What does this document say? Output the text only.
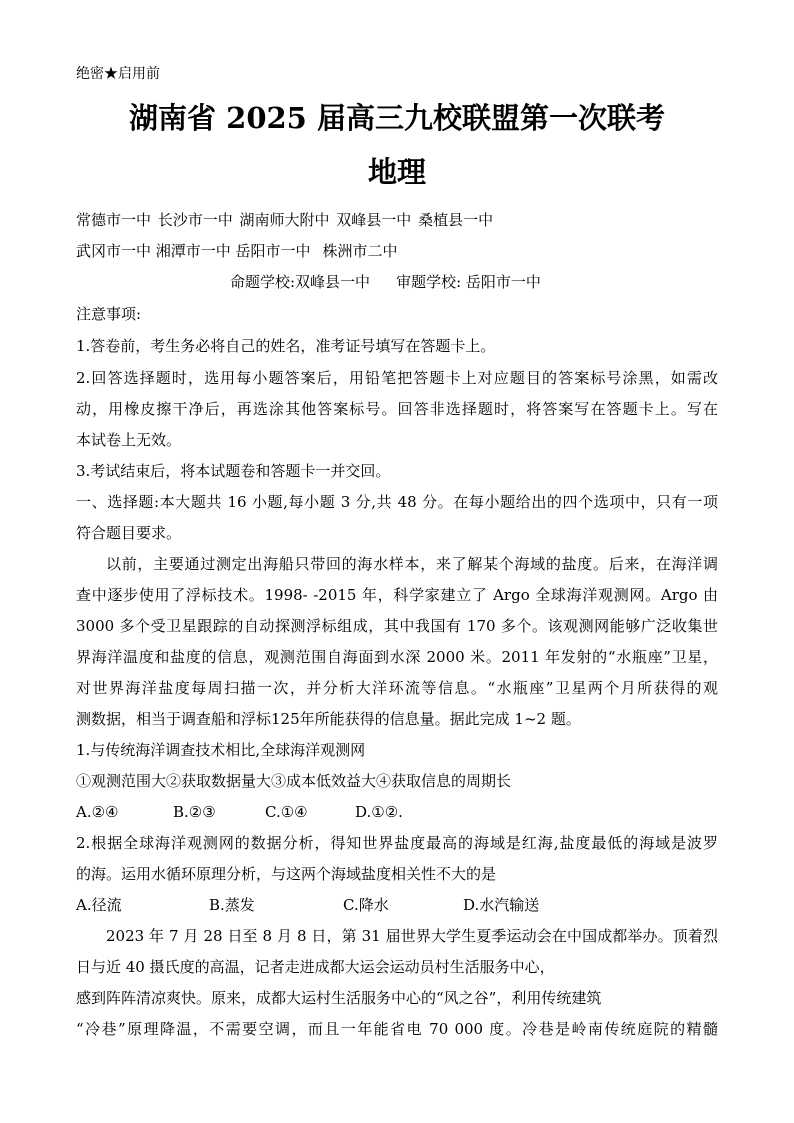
绝密★启用前
湖南省 2025 届高三九校联盟第一次联考
地理
常德市一中 长沙市一中 湖南师大附中 双峰县一中 桑植县一中
武冈市一中 湘潭市一中 岳阳市一中 株洲市二中
命题学校:双峰县一中 审题学校: 岳阳市一中
注意事项:
1.答卷前，考生务必将自己的姓名，准考证号填写在答题卡上。
2.回答选择题时，选用每小题答案后，用铅笔把答题卡上对应题目的答案标号涂黑，如需改
动，用橡皮擦干净后，再选涂其他答案标号。回答非选择题时，将答案写在答题卡上。写在
本试卷上无效。
3.考试结束后，将本试题卷和答题卡一并交回。
一、选择题:本大题共 16 小题,每小题 3 分,共 48 分。在每小题给出的四个选项中，只有一项
符合题目要求。
以前，主要通过测定出海船只带回的海水样本，来了解某个海域的盐度。后来，在海洋调
查中逐步使用了浮标技术。1998- -2015 年，科学家建立了 Argo 全球海洋观测网。Argo 由
3000 多个受卫星跟踪的自动探测浮标组成，其中我国有 170 多个。该观测网能够广泛收集世
界海洋温度和盐度的信息，观测范围自海面到水深 2000 米。2011 年发射的“水瓶座”卫星，
对世界海洋盐度每周扫描一次，并分析大洋环流等信息。“水瓶座”卫星两个月所获得的观
测数据，相当于调查船和浮标125年所能获得的信息量。据此完成 1~2 题。
1.与传统海洋调查技术相比,全球海洋观测网
①观测范围大②获取数据量大③成本低效益大④获取信息的周期长
A.②④	B.②③	C.①④	D.①②.
2.根据全球海洋观测网的数据分析，得知世界盐度最高的海域是红海,盐度最低的海域是波罗
的海。运用水循环原理分析，与这两个海域盐度相关性不大的是
A.径流	B.蒸发	C.降水	D.水汽输送
2023 年 7 月 28 日至 8 月 8 日，第 31 届世界大学生夏季运动会在中国成都举办。顶着烈
日与近 40 摄氏度的高温，记者走进成都大运会运动员村生活服务中心，
感到阵阵清凉爽快。原来，成都大运村生活服务中心的“风之谷”，利用传统建筑
“冷巷”原理降温，不需要空调，而且一年能省电 70 000 度。冷巷是岭南传统庭院的精髓
